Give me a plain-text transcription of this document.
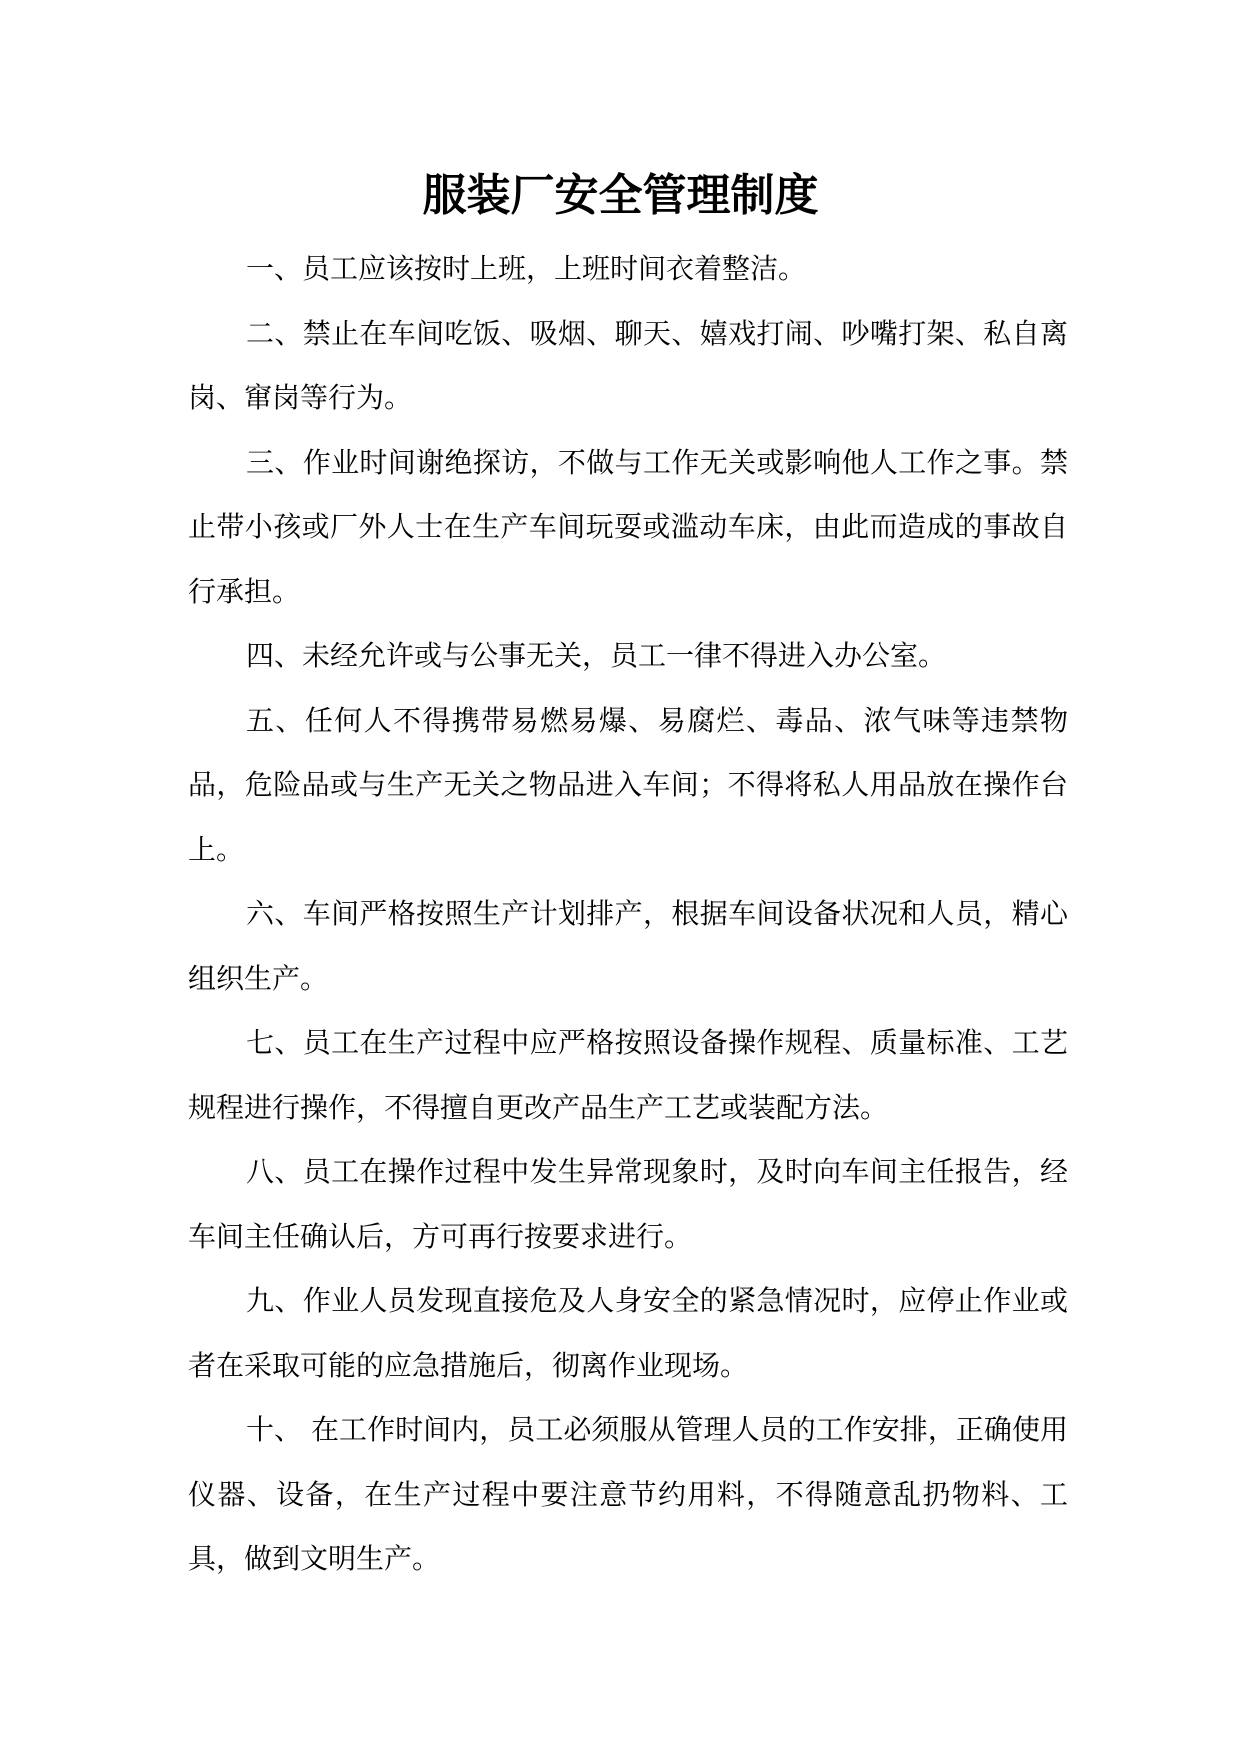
服装厂安全管理制度

一、员工应该按时上班，上班时间衣着整洁。

二、禁止在车间吃饭、吸烟、聊天、嬉戏打闹、吵嘴打架、私自离岗、窜岗等行为。

三、作业时间谢绝探访，不做与工作无关或影响他人工作之事。禁止带小孩或厂外人士在生产车间玩耍或滥动车床，由此而造成的事故自行承担。

四、未经允许或与公事无关，员工一律不得进入办公室。

五、任何人不得携带易燃易爆、易腐烂、毒品、浓气味等违禁物品，危险品或与生产无关之物品进入车间；不得将私人用品放在操作台上。

六、车间严格按照生产计划排产，根据车间设备状况和人员，精心组织生产。

七、员工在生产过程中应严格按照设备操作规程、质量标准、工艺规程进行操作，不得擅自更改产品生产工艺或装配方法。

八、员工在操作过程中发生异常现象时，及时向车间主任报告，经车间主任确认后，方可再行按要求进行。

九、作业人员发现直接危及人身安全的紧急情况时，应停止作业或者在采取可能的应急措施后，彻离作业现场。

十、 在工作时间内，员工必须服从管理人员的工作安排，正确使用仪器、设备，在生产过程中要注意节约用料，不得随意乱扔物料、工具，做到文明生产。
